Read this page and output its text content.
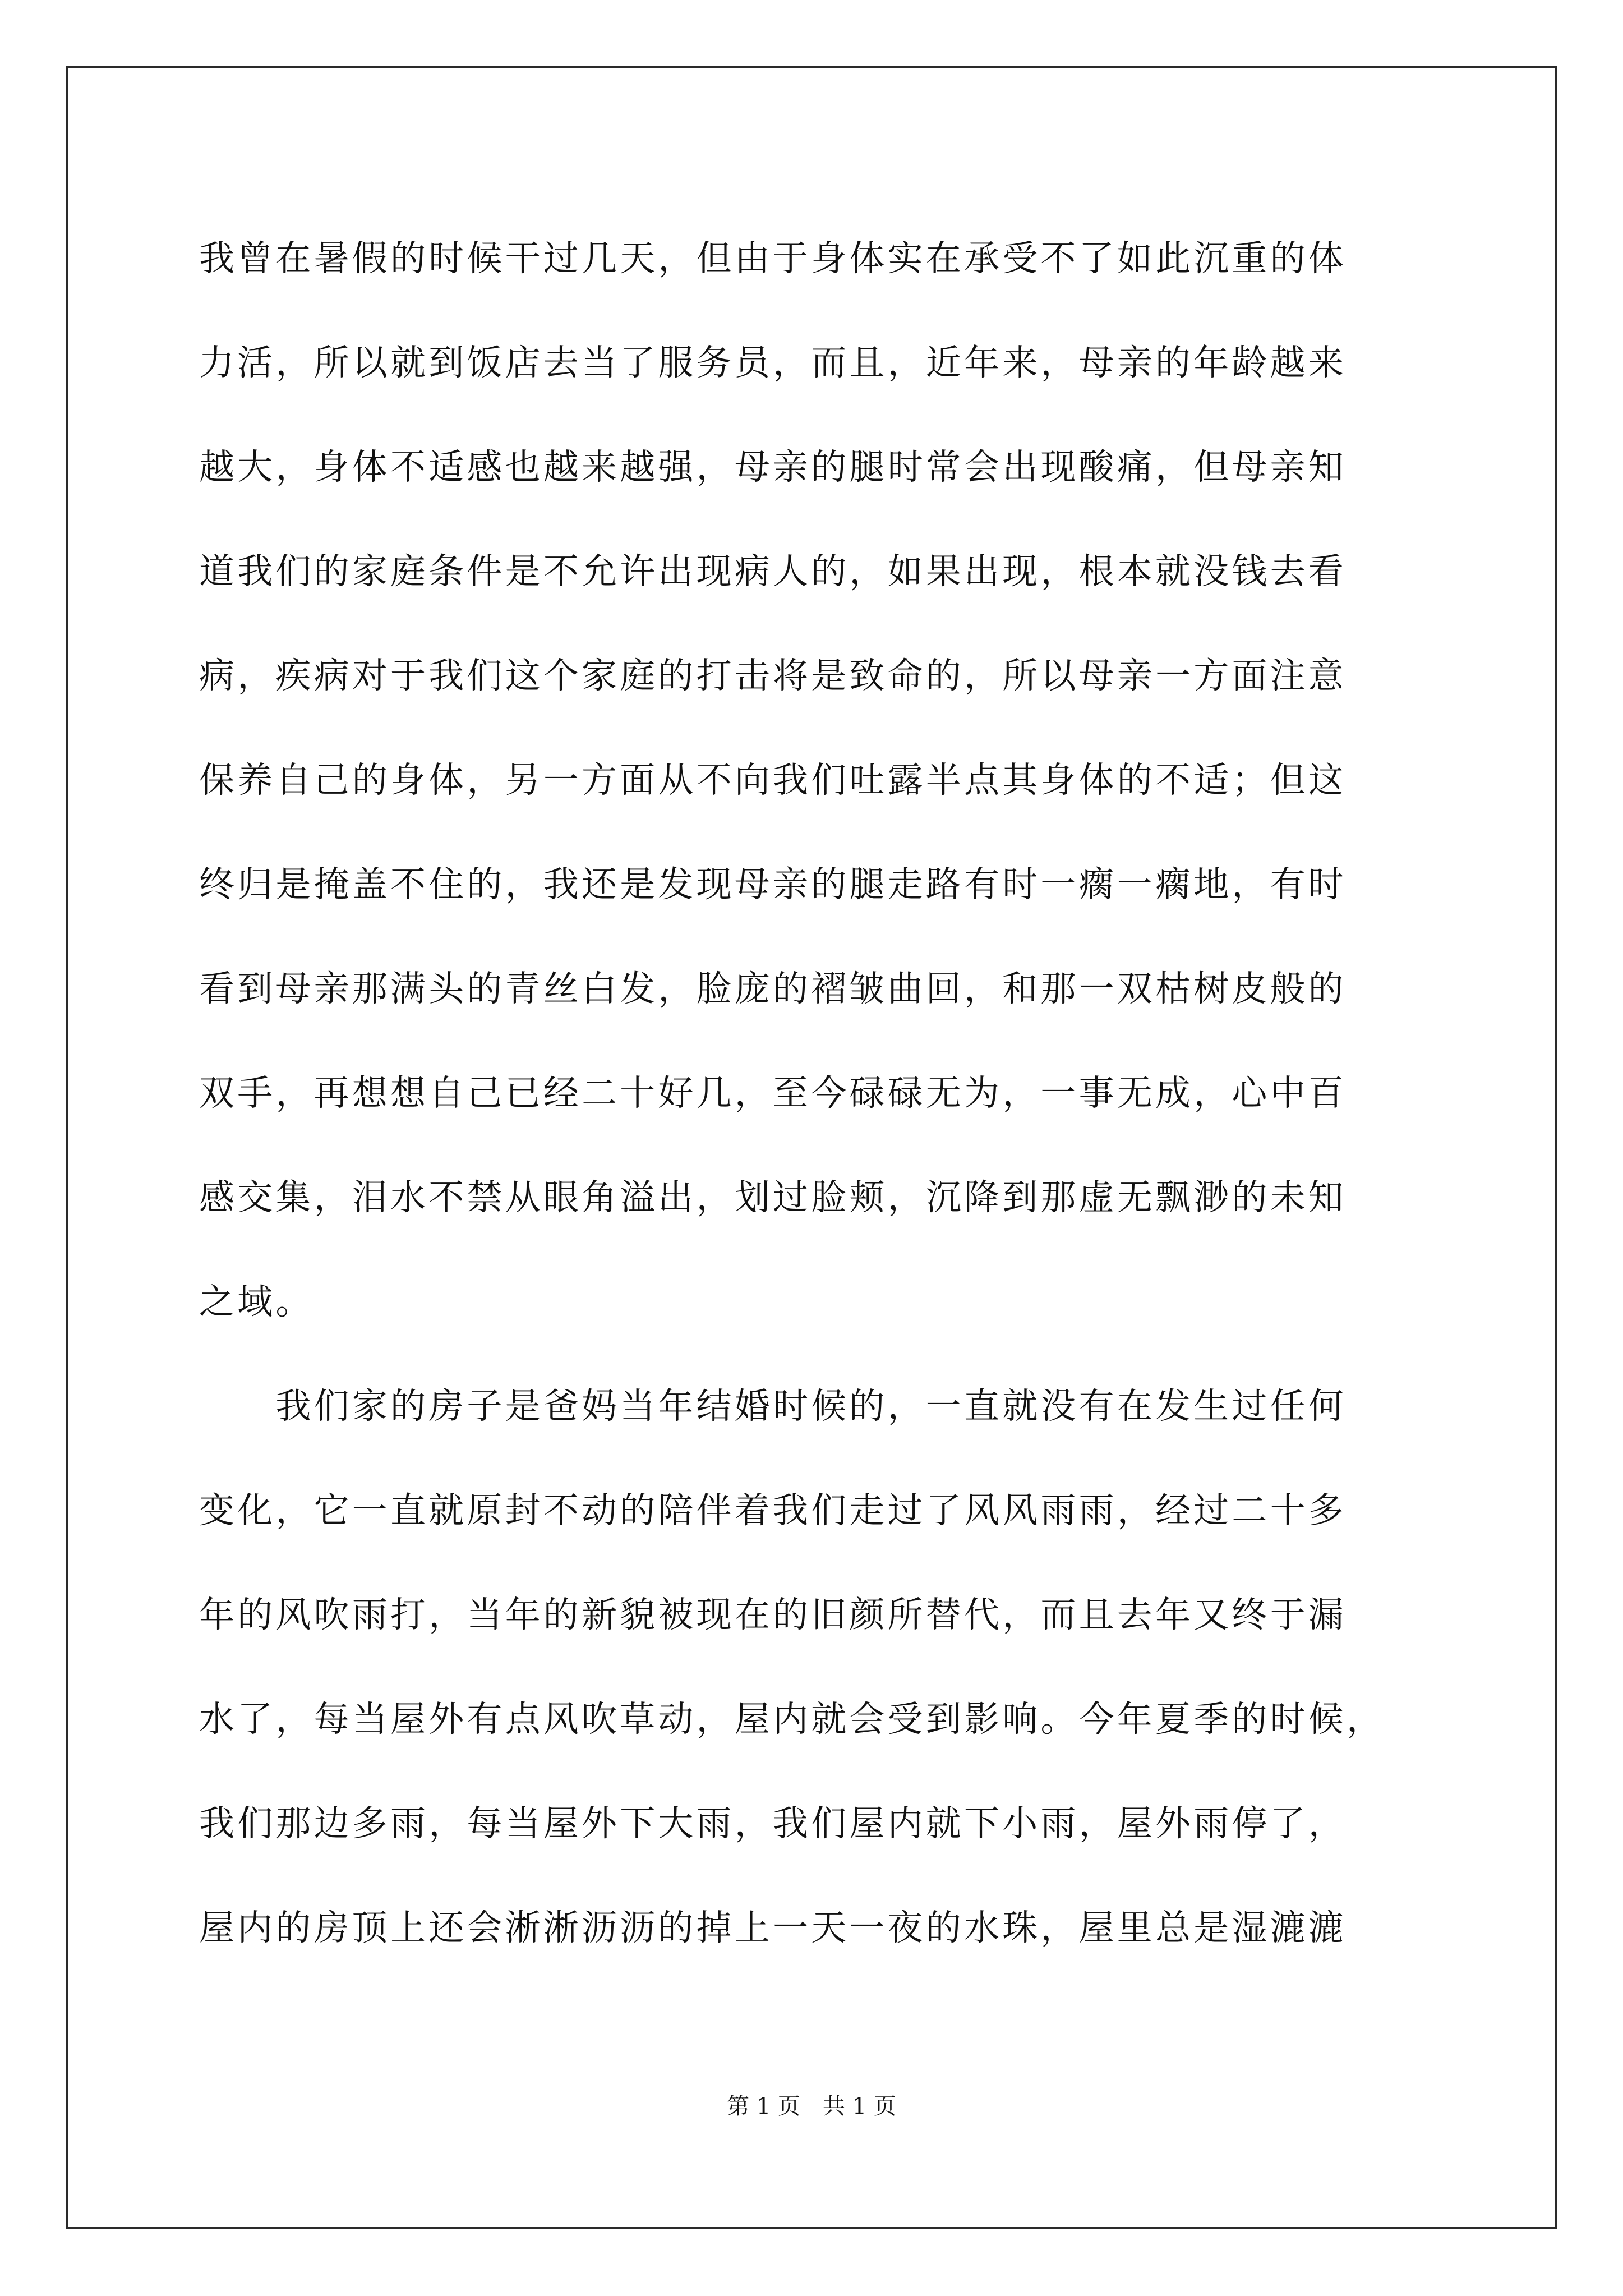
我曾在暑假的时候干过几天，但由于身体实在承受不了如此沉重的体
力活，所以就到饭店去当了服务员，而且，近年来，母亲的年龄越来
越大，身体不适感也越来越强，母亲的腿时常会出现酸痛，但母亲知
道我们的家庭条件是不允许出现病人的，如果出现，根本就没钱去看
病，疾病对于我们这个家庭的打击将是致命的，所以母亲一方面注意
保养自己的身体，另一方面从不向我们吐露半点其身体的不适；但这
终归是掩盖不住的，我还是发现母亲的腿走路有时一瘸一瘸地，有时
看到母亲那满头的青丝白发，脸庞的褶皱曲回，和那一双枯树皮般的
双手，再想想自己已经二十好几，至今碌碌无为，一事无成，心中百
感交集，泪水不禁从眼角溢出，划过脸颊，沉降到那虚无飘渺的未知
之域。
　　我们家的房子是爸妈当年结婚时候的，一直就没有在发生过任何
变化，它一直就原封不动的陪伴着我们走过了风风雨雨，经过二十多
年的风吹雨打，当年的新貌被现在的旧颜所替代，而且去年又终于漏
水了，每当屋外有点风吹草动，屋内就会受到影响。今年夏季的时候，
我们那边多雨，每当屋外下大雨，我们屋内就下小雨，屋外雨停了，
屋内的房顶上还会淅淅沥沥的掉上一天一夜的水珠，屋里总是湿漉漉
第 1 页　共 1 页
